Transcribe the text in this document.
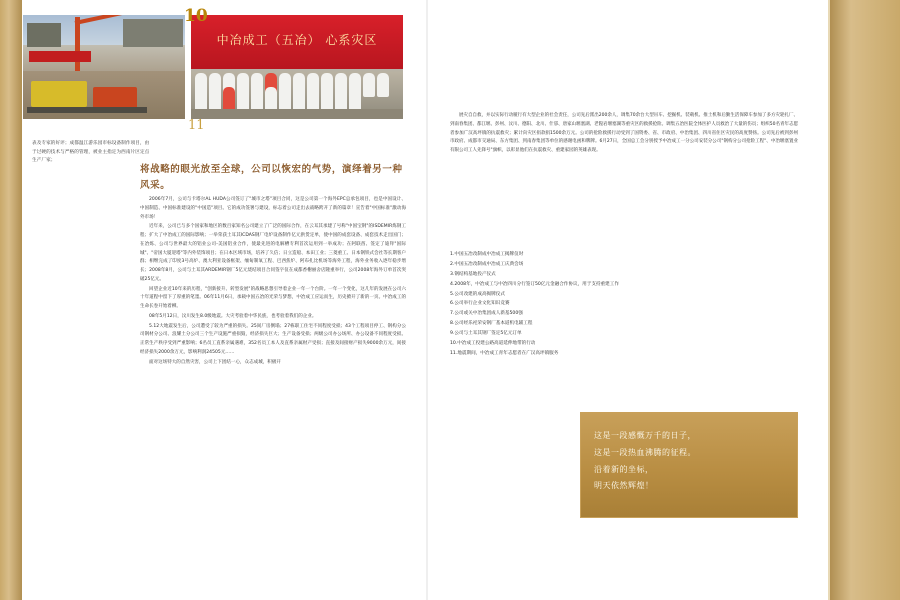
中冶成工（五冶） 心系灾区
10
11
表及专家的好评；成都温江游乐园市标设备制作项目，由于过硬的技术与严格的管理，被业主指定为西南片区定点生产厂家；
将战略的眼光放至全球，公司以恢宏的气势，演绎着另一种风采。

2006年7月，公司与卡塔尔AL HUDA公司签订了"城市之塔"项目合同，这是公司第一个海外EPC总承包项目，也是中国设计、中国制造、中国标准建设的"中国造"项目。它的成功签署与建设，标志着公司走出去战略跨开了新的篇章！宣告着"中国标准"激动海外市场！

近年来，公司已与多个国家和地区的数百家知名公司建立了广泛的国际合作，在云耳其承建了号称"中国宝钢"的ISDEMIR炼钢工程；扩大了中冶成工的国际影响；一举荣获土耳其ICDAS钢厂电炉设备制作亿元供货定单，使中国的成套设备、成套技术走出国门；在冶炼、公司与世界最大的铝业公司-美国铝业合作，使最先进的电解槽专利首次运用到一举成功；在阿联酋、签定了迪拜"国际城"、"帝国大厦迎塔"等内外装饰项目；在日本区域市场，培养了久信；日立造船、本田工业；三菱重工、日本钢铁式会社等长期客户群；相继完成了印度3号高炉、澳大利亚设备框架、缅甸制氧工程、巴西焦炉、阿布扎比机场等海外工程，海外业务收入逐年稳步增长；2008年8月，公司与土耳其ARDEMIR钢厂5亿元烧结项目合同签字仪在成都香榭丽舍店隆重举行，公司2008年海外订单首次突破25亿元。

回望企业近10年来的历程，"创新接升、转型发展"的战略思想引导着企业一年一个台阶。一年一个变化，这几年的发展在公司六十年道程中留下了厚重的笔墨。06年11月6日，承载中国五冶的光荣与梦想，中冶成工应运而生，历史掀开了新的一页。中冶成工的生命长卷开始着柳。

08年5月12日，汶川发生8.0级地震。大灾考验着中华民族，也考验着我们的企业。

5.12大地震发生后，公司遭受了较为严重的损失。25间厂房倒塌；27栋职工住宅不同程度受损；43个工程项目停工、钢构分公司钢材分公司、浪耀土分公司三个生产设施严重损毁，经济损失巨大；生产设备受损；两级公司办公场所、办公设备不同程度受损。正常生产秩序受到严重影响；6名员工直系亲属遇难，352名员工本人及直系亲属财产受损；直接及间接财产损失9000余万元，间接经济损失2000余万元，影响利润24505元……

面对这场特大的自然灾害，公司上下团结一心，众志成城，积极开

展灾自自救，并以实际行动履行有大型企业的社会责任，公司先后派出200余人，调集70余台大型吊车、挖掘机、装载机、推土机和后勤生活保障车参加了多方灾轮扎厂、到南春集团、都江堰、彭州、汶川、德阳、北川、什邡、唐家山堰塞湖、老隍岩堰塞湖等重灾区的救援抢险。调集五冶医院全体医护人员救治了大量的伤员；组织50名青年志愿者参加广汉高坪镇的抗震救灾；累计向灾区捐款捐1500余万元。公司的抢险救援行动受到了国资委、省、市政府、中治集团、四川省住区灾民的高度赞扬。公司先后被到彭州市政府、成都市交通局、东方集团、到南春集团等单位的感谢电函和牌牌。6月27日，全国总工会分别授予中冶成工一分公司安装分公司"钢构分公司抢险工程"、中冶堰塞置业有限公司工人先锋号"旗帜，以彰显他们在抗震救灾、重建家园的英雄表现。

1.中国五冶改制成中冶成工揭牌仪时
2.中国五冶改制成中冶成工庆典会场
3.钢结构基地投产仪式
4.2008年，中冶成工与中冶四川分行签订50亿元金融合作协议，用于支持重建工作
5.公司改建的成高揭牌仪式
6.公司举行企业文化知识竞赛
7.公司或关中冶集团成人新基500强
8.公司经乐祀荣安钢厂基本道机电辅工程
9.公司与土耳其钢厂签定5亿元订单
10.中冶成工投建公路高道延伸地带的行动
11.地震期间，中冶成工青年志愿者在广汉高坪镇服务
这是一段感慨万千的日子，
这是一段热血沸腾的征程。
沿着新的坐标，
明天依然辉煌！
